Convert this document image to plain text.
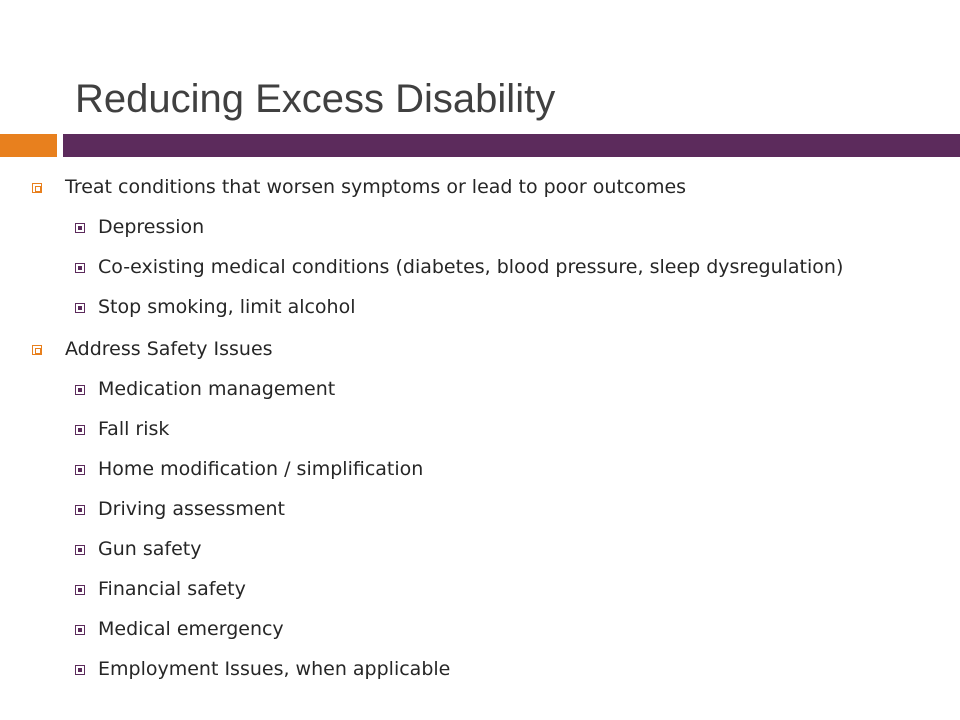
Reducing Excess Disability
Treat conditions that worsen symptoms or lead to poor outcomes
Depression
Co-existing medical conditions (diabetes, blood pressure, sleep dysregulation)
Stop smoking, limit alcohol
Address Safety Issues
Medication management
Fall risk
Home modification / simplification
Driving assessment
Gun safety
Financial safety
Medical emergency
Employment Issues, when applicable
